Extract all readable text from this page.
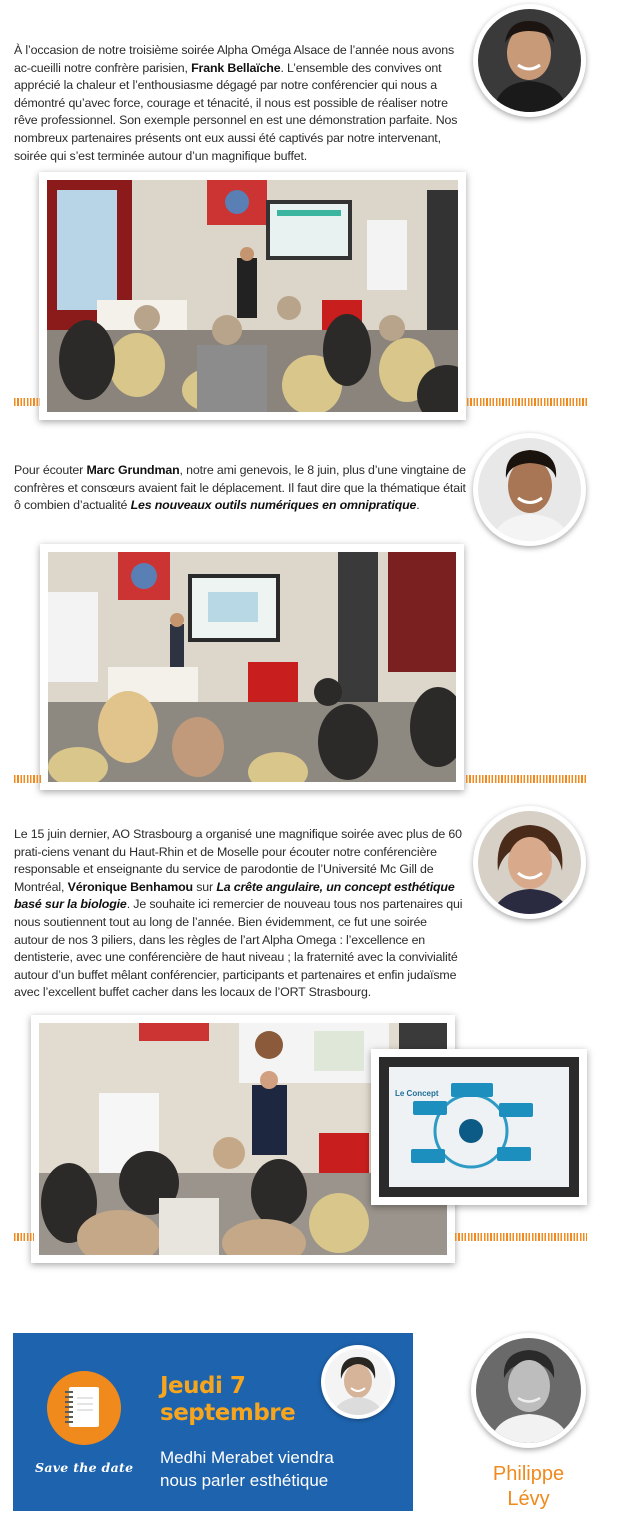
À l’occasion de notre troisième soirée Alpha Oméga Alsace de l’année nous avons ac-cueilli notre confrère parisien, Frank Bellaïche. L’ensemble des convives ont apprécié la chaleur et l’enthousiasme dégagé par notre conférencier qui nous a démontré qu’avec force, courage et ténacité, il nous est possible de réaliser notre rêve professionnel. Son exemple personnel en est une démonstration parfaite. Nos nombreux partenaires présents ont eux aussi été captivés par notre intervenant, soirée qui s’est terminée autour d’un magnifique buffet.
Pour écouter Marc Grundman, notre ami genevois, le 8 juin, plus d’une vingtaine de confrères et consœurs avaient fait le déplacement. Il faut dire que la thématique était ô combien d’actualité Les nouveaux outils numériques en omnipratique.
Le 15 juin dernier, AO Strasbourg a organisé une magnifique soirée avec plus de 60 prati-ciens venant du Haut-Rhin et de Moselle pour écouter notre conférencière responsable et enseignante du service de parodontie de l’Université Mc Gill de Montréal, Véronique Benhamou sur La crête angulaire, un concept esthétique basé sur la biologie. Je souhaite ici remercier de nouveau tous nos partenaires qui nous soutiennent tout au long de l’année. Bien évidemment, ce fut une soirée autour de nos 3 piliers, dans les règles de l’art Alpha Omega : l’excellence en dentisterie, avec une conférencière de haut niveau ; la fraternité avec la convivialité autour d’un buffet mêlant conférencier, participants et partenaires et enfin judaïsme avec l’excellent buffet cacher dans les locaux de l’ORT Strasbourg.
Le Concept
Save the date
Jeudi 7
septembre
Medhi Merabet viendra
nous parler esthétique	Philippe
Lévy
